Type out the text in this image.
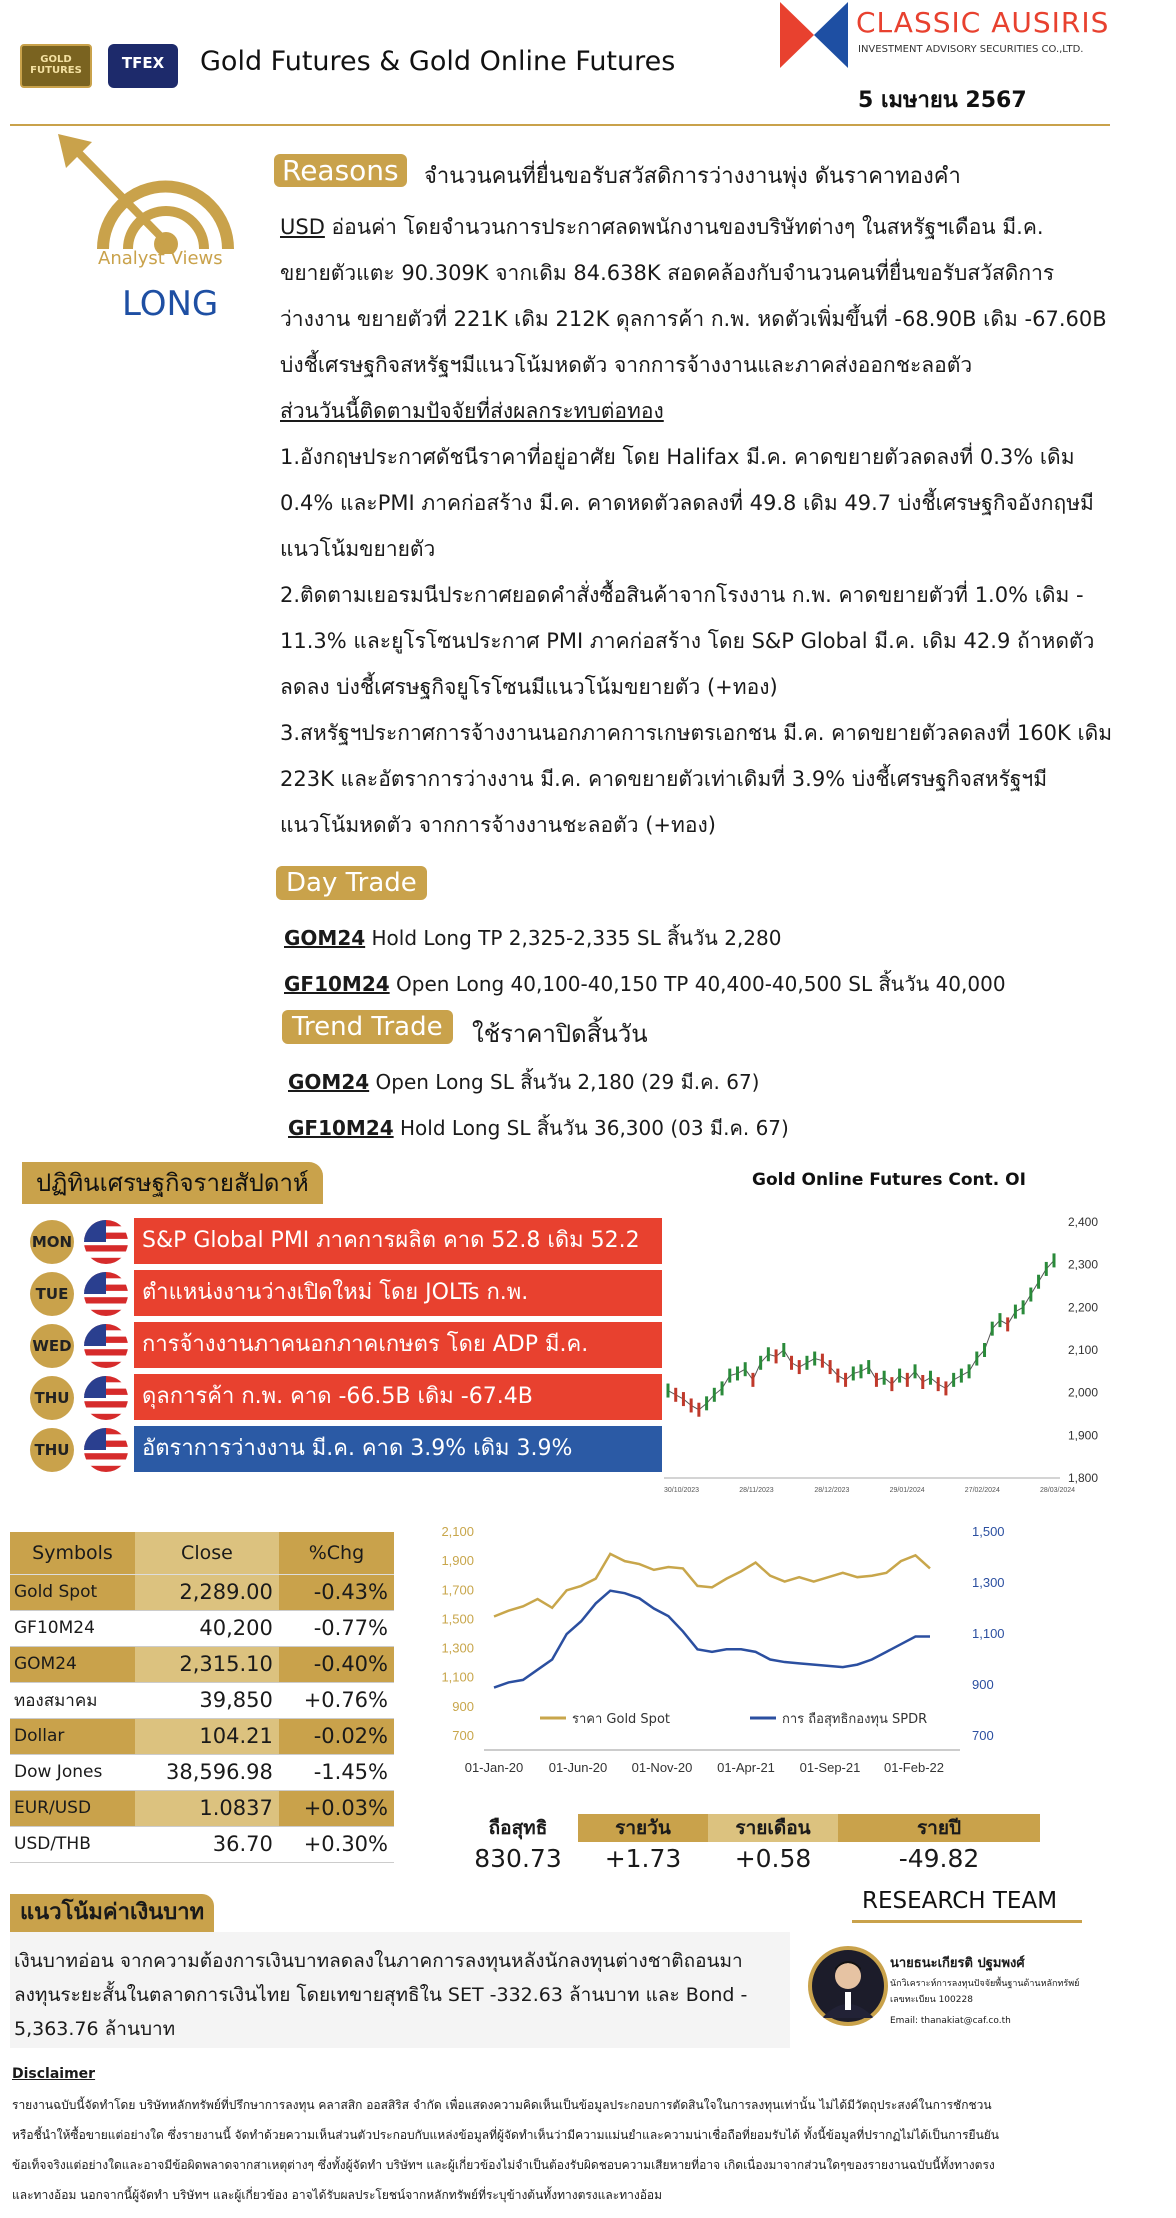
GOLD FUTURES	TFEX	Gold Futures & Gold Online Futures
CLASSIC AUSIRIS
INVESTMENT ADVISORY SECURITIES CO.,LTD.
5 เมษายน 2567
Analyst Views
LONG
Reasons	จำนวนคนที่ยื่นขอรับสวัสดิการว่างงานพุ่ง ดันราคาทองคำ
USD อ่อนค่า โดยจำนวนการประกาศลดพนักงานของบริษัทต่างๆ ในสหรัฐฯเดือน มี.ค.
ขยายตัวแตะ 90.309K จากเดิม 84.638K สอดคล้องกับจำนวนคนที่ยื่นขอรับสวัสดิการ
ว่างงาน ขยายตัวที่ 221K เดิม 212K ดุลการค้า ก.พ. หดตัวเพิ่มขึ้นที่ -68.90B เดิม -67.60B
บ่งชี้เศรษฐกิจสหรัฐฯมีแนวโน้มหดตัว จากการจ้างงานและภาคส่งออกชะลอตัว
ส่วนวันนี้ติดตามปัจจัยที่ส่งผลกระทบต่อทอง
1.อังกฤษประกาศดัชนีราคาที่อยู่อาศัย โดย Halifax มี.ค. คาดขยายตัวลดลงที่ 0.3% เดิม
0.4% และPMI ภาคก่อสร้าง มี.ค. คาดหดตัวลดลงที่ 49.8 เดิม 49.7 บ่งชี้เศรษฐกิจอังกฤษมี
แนวโน้มขยายตัว
2.ติดตามเยอรมนีประกาศยอดคำสั่งซื้อสินค้าจากโรงงาน ก.พ. คาดขยายตัวที่ 1.0% เดิม -
11.3% และยูโรโซนประกาศ PMI ภาคก่อสร้าง โดย S&P Global มี.ค. เดิม 42.9 ถ้าหดตัว
ลดลง บ่งชี้เศรษฐกิจยูโรโซนมีแนวโน้มขยายตัว (+ทอง)
3.สหรัฐฯประกาศการจ้างงานนอกภาคการเกษตรเอกชน มี.ค. คาดขยายตัวลดลงที่ 160K เดิม
223K และอัตราการว่างงาน มี.ค. คาดขยายตัวเท่าเดิมที่ 3.9% บ่งชี้เศรษฐกิจสหรัฐฯมี
แนวโน้มหดตัว จากการจ้างงานชะลอตัว (+ทอง)
Day Trade
GOM24 Hold Long TP 2,325-2,335 SL สิ้นวัน 2,280
GF10M24 Open Long 40,100-40,150 TP 40,400-40,500 SL สิ้นวัน 40,000
Trend Trade	ใช้ราคาปิดสิ้นวัน
GOM24 Open Long SL สิ้นวัน 2,180 (29 มี.ค. 67)
GF10M24 Hold Long SL สิ้นวัน 36,300 (03 มี.ค. 67)
ปฏิทินเศรษฐกิจรายสัปดาห์
MON	S&P Global PMI ภาคการผลิต คาด 52.8 เดิม 52.2
TUE	ตำแหน่งงานว่างเปิดใหม่ โดย JOLTs ก.พ.
WED	การจ้างงานภาคนอกภาคเกษตร โดย ADP มี.ค.
THU	ดุลการค้า ก.พ. คาด -66.5B เดิม -67.4B
THU	อัตราการว่างงาน มี.ค. คาด 3.9% เดิม 3.9%
Gold Online Futures Cont. OI
2,400
2,300
2,200
2,100
2,000
1,900
1,800
30/10/2023	28/11/2023	28/12/2023	29/01/2024	27/02/2024	28/03/2024
Symbols	Close	%Chg
Gold Spot	2,289.00	-0.43%
GF10M24	40,200	-0.77%
GOM24	2,315.10	-0.40%
ทองสมาคม	39,850	+0.76%
Dollar	104.21	-0.02%
Dow Jones	38,596.98	-1.45%
EUR/USD	1.0837	+0.03%
USD/THB	36.70	+0.30%
2,100
1,900
1,700
1,500
1,300
1,100
900
700
1,500
1,300
1,100
900
700
01-Jan-20 01-Jun-20 01-Nov-20 01-Apr-21 01-Sep-21 01-Feb-22
ราคา Gold Spot	การ ถือสุทธิกองทุน SPDR
ถือสุทธิ	รายวัน	รายเดือน	รายปี
830.73	+1.73	+0.58	-49.82
แนวโน้มค่าเงินบาท
เงินบาทอ่อน จากความต้องการเงินบาทลดลงในภาคการลงทุนหลังนักลงทุนต่างชาติถอนมา
ลงทุนระยะสั้นในตลาดการเงินไทย โดยเทขายสุทธิใน SET -332.63 ล้านบาท และ Bond -
5,363.76 ล้านบาท
RESEARCH TEAM
นายธนะเกียรติ ปฐมพงศ์
นักวิเคราะห์การลงทุนปัจจัยพื้นฐานด้านหลักทรัพย์
เลขทะเบียน 100228
Email: thanakiat@caf.co.th
Disclaimer
รายงานฉบับนี้จัดทำโดย บริษัทหลักทรัพย์ที่ปรึกษาการลงทุน คลาสสิก ออสสิริส จำกัด เพื่อแสดงความคิดเห็นเป็นข้อมูลประกอบการตัดสินใจในการลงทุนเท่านั้น ไม่ได้มีวัตถุประสงค์ในการชักชวน
หรือชี้นำให้ซื้อขายแต่อย่างใด ซึ่งรายงานนี้ จัดทำด้วยความเห็นส่วนตัวประกอบกับแหล่งข้อมูลที่ผู้จัดทำเห็นว่ามีความแม่นยำและความน่าเชื่อถือที่ยอมรับได้ ทั้งนี้ข้อมูลที่ปรากฏไม่ได้เป็นการยืนยัน
ข้อเท็จจริงแต่อย่างใดและอาจมีข้อผิดพลาดจากสาเหตุต่างๆ ซึ่งทั้งผู้จัดทำ บริษัทฯ และผู้เกี่ยวข้องไม่จำเป็นต้องรับผิดชอบความเสียหายที่อาจ เกิดเนื่องมาจากส่วนใดๆของรายงานฉบับนี้ทั้งทางตรง
และทางอ้อม นอกจากนี้ผู้จัดทำ บริษัทฯ และผู้เกี่ยวข้อง อาจได้รับผลประโยชน์จากหลักทรัพย์ที่ระบุข้างต้นทั้งทางตรงและทางอ้อม
